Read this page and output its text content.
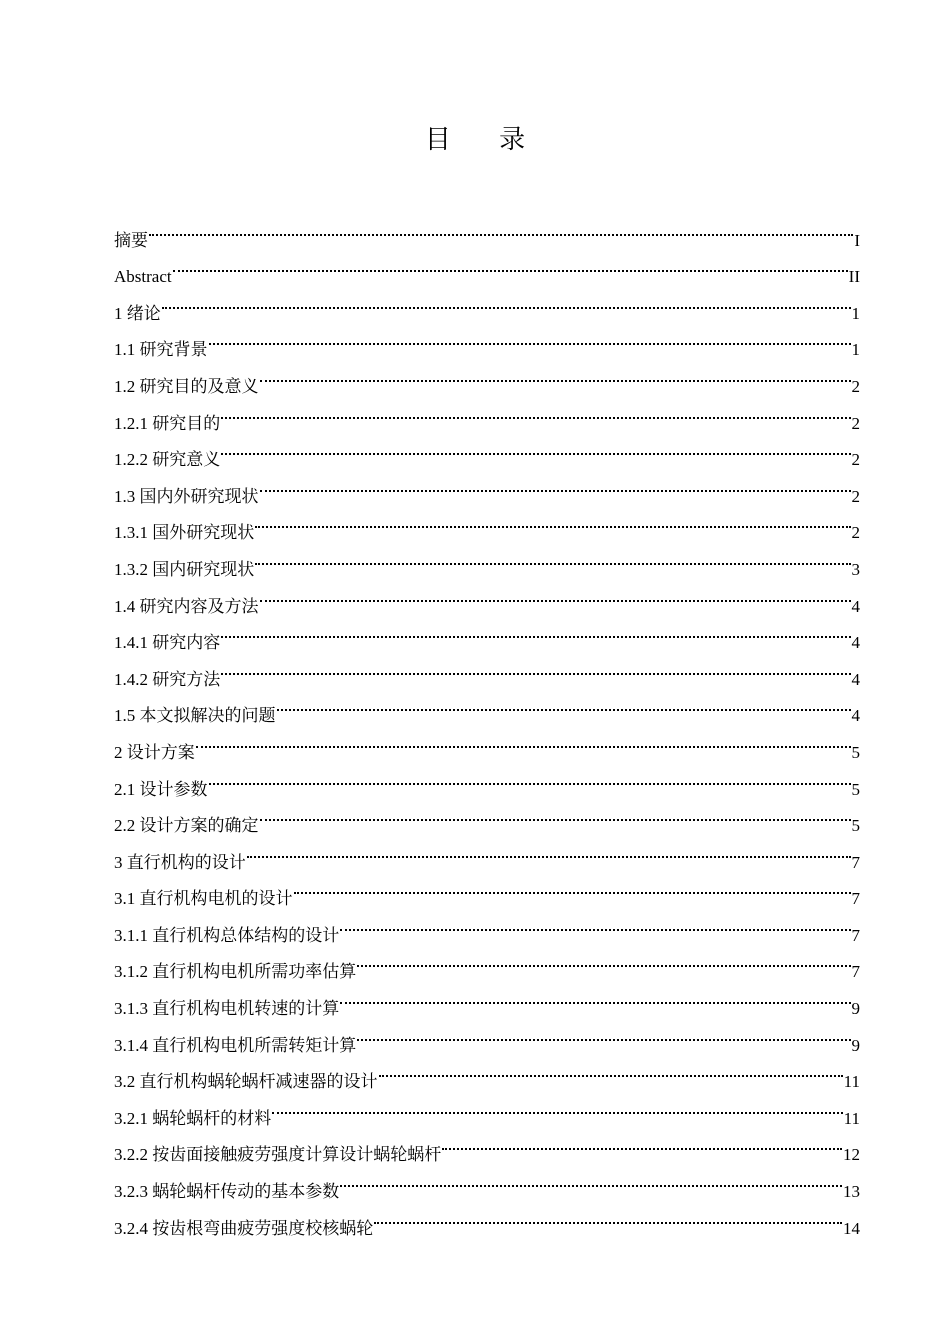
目 录
摘要	I
Abstract	II
1 绪论	1
1.1 研究背景	1
1.2 研究目的及意义	2
1.2.1 研究目的	2
1.2.2 研究意义	2
1.3 国内外研究现状	2
1.3.1 国外研究现状	2
1.3.2 国内研究现状	3
1.4 研究内容及方法	4
1.4.1 研究内容	4
1.4.2 研究方法	4
1.5 本文拟解决的问题	4
2 设计方案	5
2.1 设计参数	5
2.2 设计方案的确定	5
3 直行机构的设计	7
3.1 直行机构电机的设计	7
3.1.1 直行机构总体结构的设计	7
3.1.2 直行机构电机所需功率估算	7
3.1.3 直行机构电机转速的计算	9
3.1.4 直行机构电机所需转矩计算	9
3.2 直行机构蜗轮蜗杆减速器的设计	11
3.2.1 蜗轮蜗杆的材料	11
3.2.2 按齿面接触疲劳强度计算设计蜗轮蜗杆	12
3.2.3 蜗轮蜗杆传动的基本参数	13
3.2.4 按齿根弯曲疲劳强度校核蜗轮	14
